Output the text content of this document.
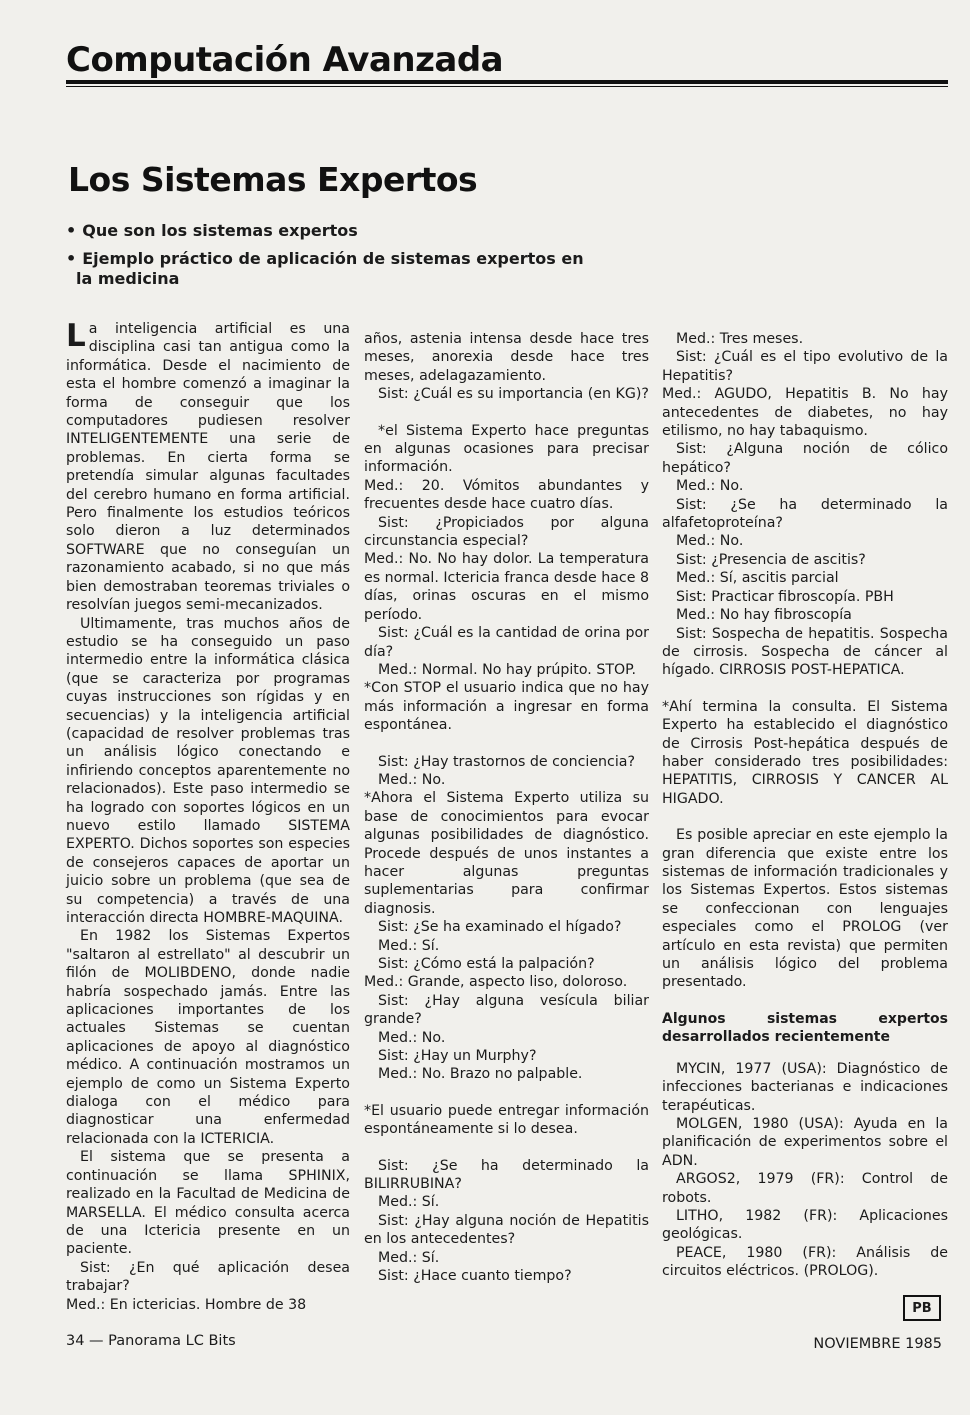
Computación Avanzada
Los Sistemas Expertos
• Que son los sistemas expertos
• Ejemplo práctico de aplicación de sistemas expertos en la medicina

La inteligencia artificial es una disciplina casi tan antigua como la informática. Desde el nacimiento de esta el hombre comenzó a imaginar la forma de conseguir que los computadores pudiesen resolver INTELIGENTEMENTE una serie de problemas. En cierta forma se pretendía simular algunas facultades del cerebro humano en forma artificial. Pero finalmente los estudios teóricos solo dieron a luz determinados SOFTWARE que no conseguían un razonamiento acabado, si no que más bien demostraban teoremas triviales o resolvían juegos semi-mecanizados.

Ultimamente, tras muchos años de estudio se ha conseguido un paso intermedio entre la informática clásica (que se caracteriza por programas cuyas instrucciones son rígidas y en secuencias) y la inteligencia artificial (capacidad de resolver problemas tras un análisis lógico conectando e infiriendo conceptos aparentemente no relacionados). Este paso intermedio se ha logrado con soportes lógicos en un nuevo estilo llamado SISTEMA EXPERTO. Dichos soportes son especies de consejeros capaces de aportar un juicio sobre un problema (que sea de su competencia) a través de una interacción directa HOMBRE-MAQUINA.

En 1982 los Sistemas Expertos "saltaron al estrellato" al descubrir un filón de MOLIBDENO, donde nadie habría sospechado jamás. Entre las aplicaciones importantes de los actuales Sistemas se cuentan aplicaciones de apoyo al diagnóstico médico. A continuación mostramos un ejemplo de como un Sistema Experto dialoga con el médico para diagnosticar una enfermedad relacionada con la ICTERICIA.

El sistema que se presenta a continuación se llama SPHINIX, realizado en la Facultad de Medicina de MARSELLA. El médico consulta acerca de una Ictericia presente en un paciente.

Sist: ¿En qué aplicación desea trabajar?

Med.: En ictericias. Hombre de 38

años, astenia intensa desde hace tres meses, anorexia desde hace tres meses, adelagazamiento.

Sist: ¿Cuál es su importancia (en KG)?

*el Sistema Experto hace preguntas en algunas ocasiones para precisar información.

Med.: 20. Vómitos abundantes y frecuentes desde hace cuatro días.

Sist: ¿Propiciados por alguna circunstancia especial?

Med.: No. No hay dolor. La temperatura es normal. Ictericia franca desde hace 8 días, orinas oscuras en el mismo período.

Sist: ¿Cuál es la cantidad de orina por día?

Med.: Normal. No hay prúpito. STOP.

*Con STOP el usuario indica que no hay más información a ingresar en forma espontánea.

Sist: ¿Hay trastornos de conciencia?

Med.: No.

*Ahora el Sistema Experto utiliza su base de conocimientos para evocar algunas posibilidades de diagnóstico. Procede después de unos instantes a hacer algunas preguntas suplementarias para confirmar diagnosis.

Sist: ¿Se ha examinado el hígado?

Med.: Sí.

Sist: ¿Cómo está la palpación?

Med.: Grande, aspecto liso, doloroso.

Sist: ¿Hay alguna vesícula biliar grande?

Med.: No.

Sist: ¿Hay un Murphy?

Med.: No. Brazo no palpable.

*El usuario puede entregar información espontáneamente si lo desea.

Sist: ¿Se ha determinado la BILIRRUBINA?

Med.: Sí.

Sist: ¿Hay alguna noción de Hepatitis en los antecedentes?

Med.: Sí.

Sist: ¿Hace cuanto tiempo?

Med.: Tres meses.

Sist: ¿Cuál es el tipo evolutivo de la Hepatitis?

Med.: AGUDO, Hepatitis B. No hay antecedentes de diabetes, no hay etilismo, no hay tabaquismo.

Sist: ¿Alguna noción de cólico hepático?

Med.: No.

Sist: ¿Se ha determinado la alfafetoproteína?

Med.: No.

Sist: ¿Presencia de ascitis?

Med.: Sí, ascitis parcial

Sist: Practicar fibroscopía. PBH

Med.: No hay fibroscopía

Sist: Sospecha de hepatitis. Sospecha de cirrosis. Sospecha de cáncer al hígado. CIRROSIS POST-HEPATICA.

*Ahí termina la consulta. El Sistema Experto ha establecido el diagnóstico de Cirrosis Post-hepática después de haber considerado tres posibilidades: HEPATITIS, CIRROSIS Y CANCER AL HIGADO.

Es posible apreciar en este ejemplo la gran diferencia que existe entre los sistemas de información tradicionales y los Sistemas Expertos. Estos sistemas se confeccionan con lenguajes especiales como el PROLOG (ver artículo en esta revista) que permiten un análisis lógico del problema presentado.

Algunos sistemas expertos desarrollados recientemente

MYCIN, 1977 (USA): Diagnóstico de infecciones bacterianas e indicaciones terapéuticas.

MOLGEN, 1980 (USA): Ayuda en la planificación de experimentos sobre el ADN.

ARGOS2, 1979 (FR): Control de robots.

LITHO, 1982 (FR): Aplicaciones geológicas.

PEACE, 1980 (FR): Análisis de circuitos eléctricos. (PROLOG).

PB
34 — Panorama LC Bits	NOVIEMBRE 1985
